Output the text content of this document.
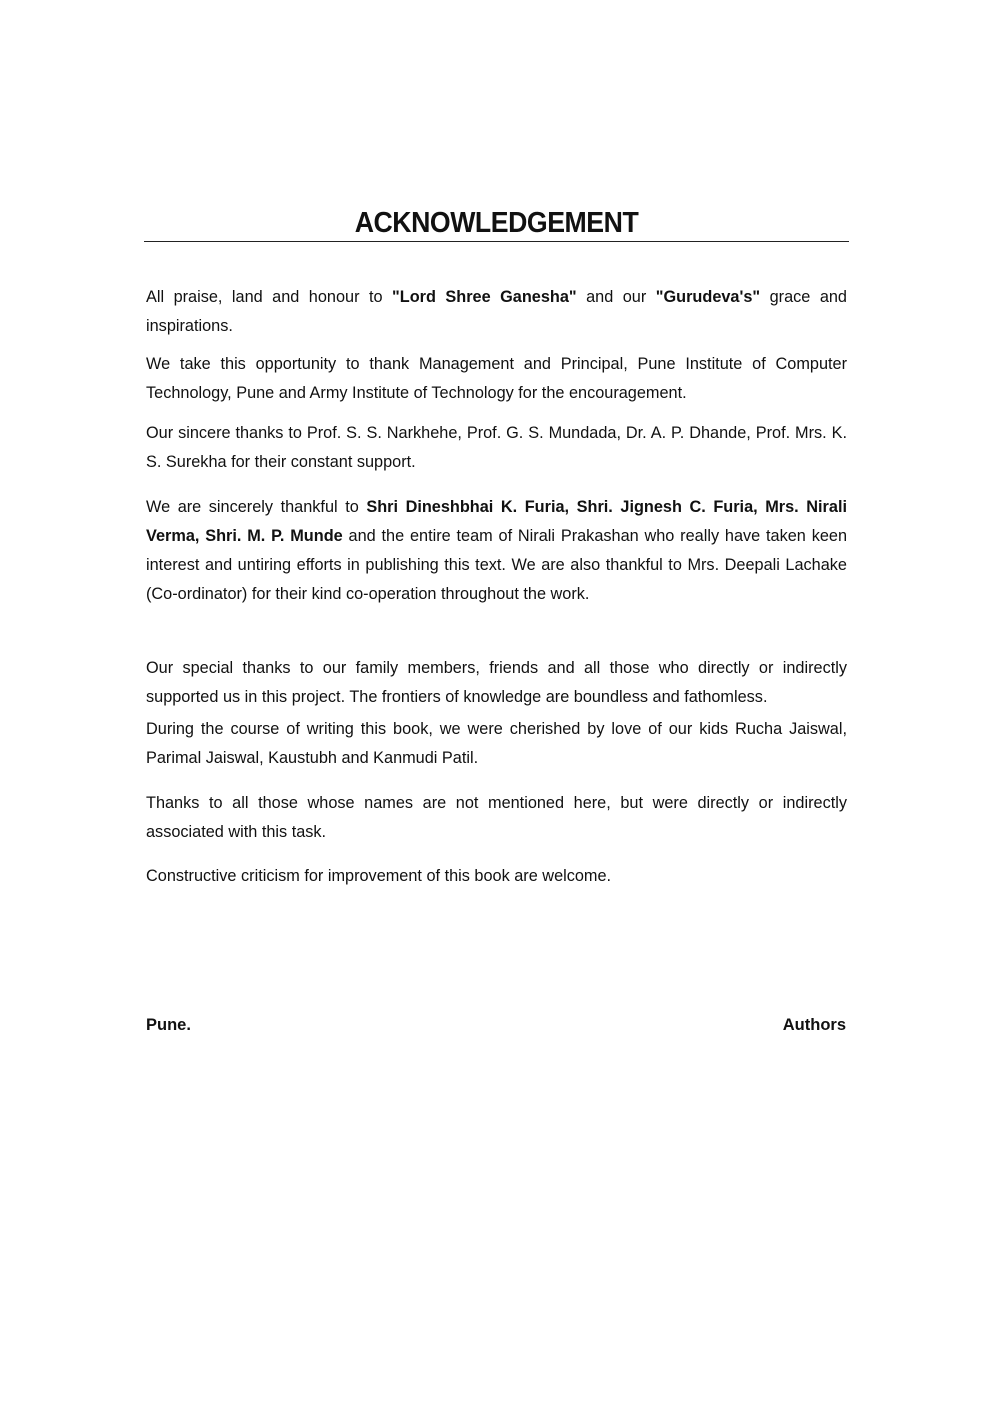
ACKNOWLEDGEMENT

All praise, land and honour to "Lord Shree Ganesha" and our "Gurudeva's" grace and inspirations.

We take this opportunity to thank Management and Principal, Pune Institute of Computer Technology, Pune and Army Institute of Technology for the encouragement.

Our sincere thanks to Prof. S. S. Narkhehe, Prof. G. S. Mundada, Dr. A. P. Dhande, Prof. Mrs. K. S. Surekha for their constant support.

We are sincerely thankful to Shri Dineshbhai K. Furia, Shri. Jignesh C. Furia, Mrs. Nirali Verma, Shri. M. P. Munde and the entire team of Nirali Prakashan who really have taken keen interest and untiring efforts in publishing this text. We are also thankful to Mrs. Deepali Lachake (Co-ordinator) for their kind co-operation throughout the work.

Our special thanks to our family members, friends and all those who directly or indirectly supported us in this project. The frontiers of knowledge are boundless and fathomless.

During the course of writing this book, we were cherished by love of our kids Rucha Jaiswal, Parimal Jaiswal, Kaustubh and Kanmudi Patil.

Thanks to all those whose names are not mentioned here, but were directly or indirectly associated with this task.

Constructive criticism for improvement of this book are welcome.

Pune.	Authors
